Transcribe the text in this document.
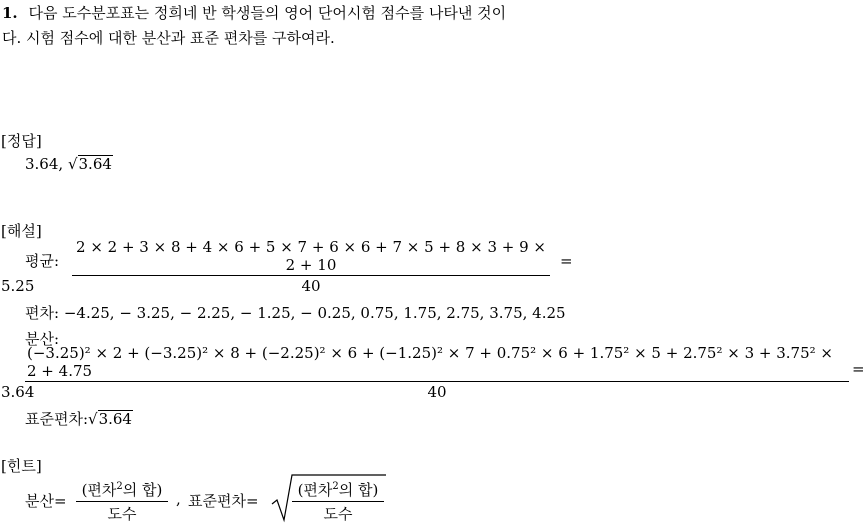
1. 다음 도수분포표는 정희네 반 학생들의 영어 단어시험 점수를 나타낸 것이
다. 시험 점수에 대한 분산과 표준 편차를 구하여라.
[정답]
3.64, √3.64
[해설]
평균:
2 × 2 + 3 × 8 + 4 × 6 + 5 × 7 + 6 × 6 + 7 × 5 + 8 × 3 + 9 × 2 + 10
40
=
5.25
편차: −4.25, − 3.25, − 2.25, − 1.25, − 0.25, 0.75, 1.75, 2.75, 3.75, 4.25
분산:
(−3.25)² × 2 + (−3.25)² × 8 + (−2.25)² × 6 + (−1.25)² × 7 + 0.75² × 6 + 1.75² × 5 + 2.75² × 3 + 3.75² × 2 + 4.75
40
=
3.64
표준편차:√3.64
[힌트]
분산=
(편차$^2$의 합)
도수
, 표준편차=
(편차$^2$의 합)
도수
